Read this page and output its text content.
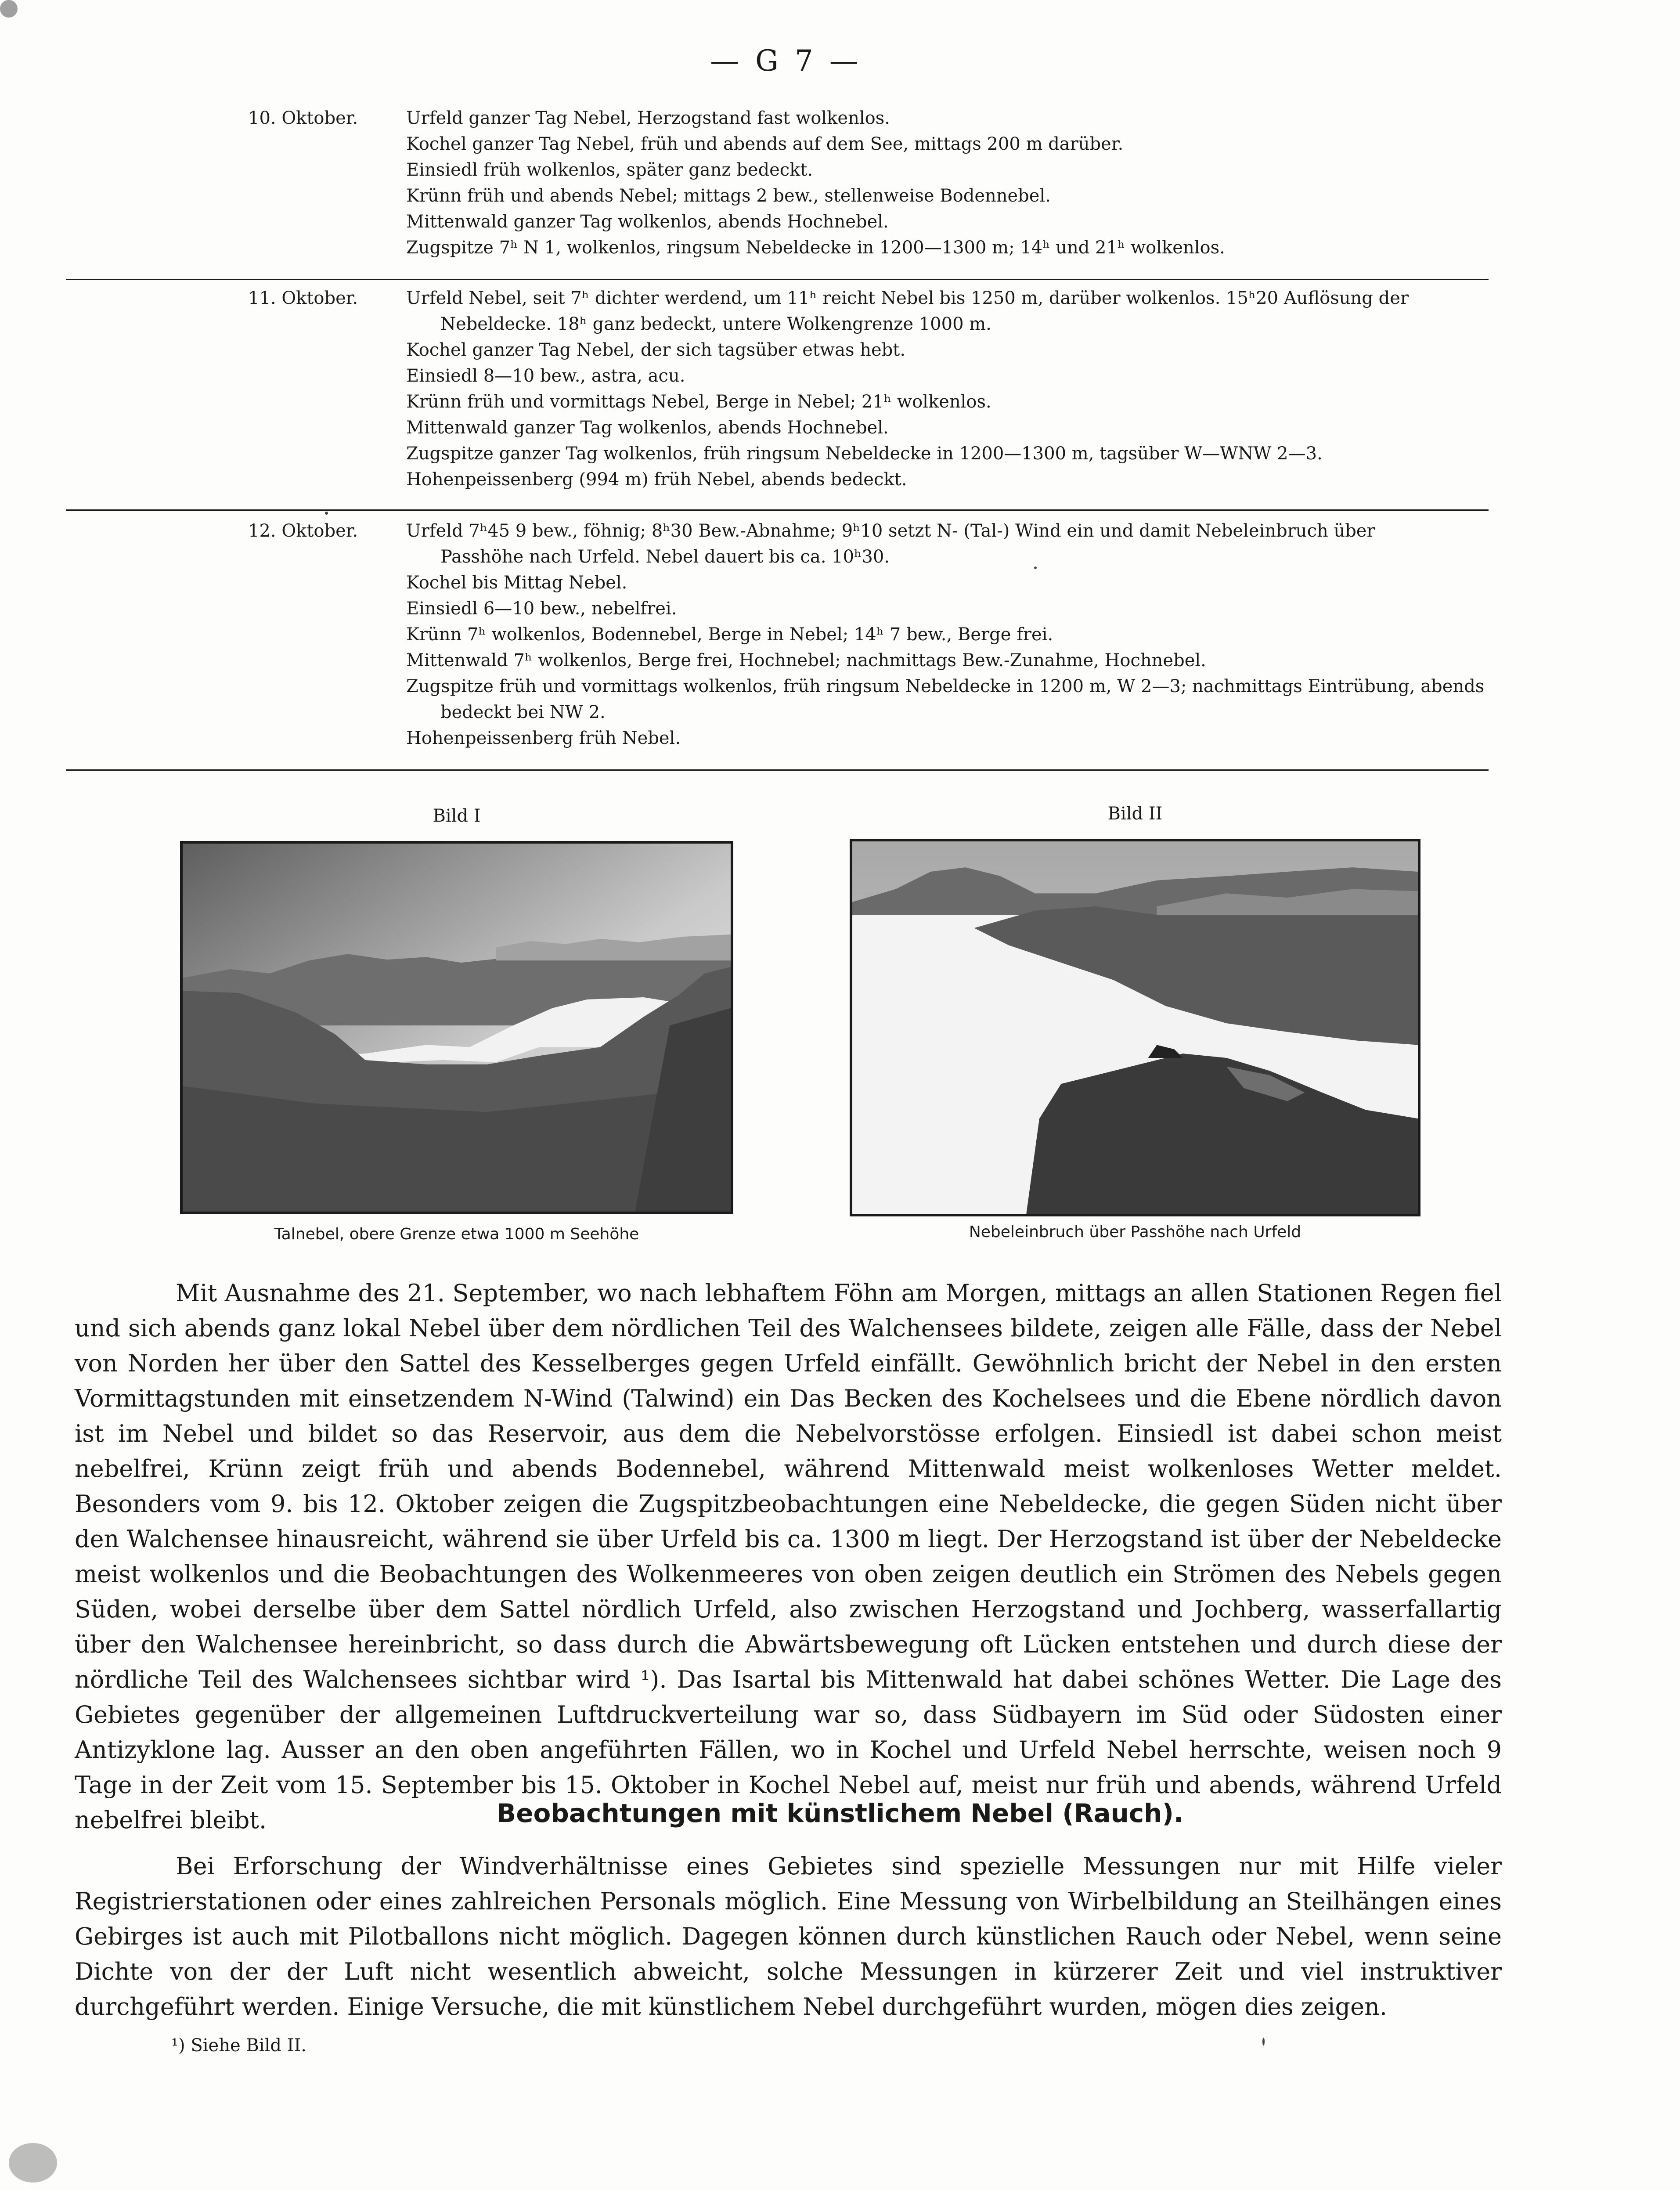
— G 7 —
10. Oktober.	Urfeld ganzer Tag Nebel, Herzogstand fast wolkenlos.
Kochel ganzer Tag Nebel, früh und abends auf dem See, mittags 200 m darüber.
Einsiedl früh wolkenlos, später ganz bedeckt.
Krünn früh und abends Nebel; mittags 2 bew., stellenweise Bodennebel.
Mittenwald ganzer Tag wolkenlos, abends Hochnebel.
Zugspitze 7ʰ N 1, wolkenlos, ringsum Nebeldecke in 1200—1300 m; 14ʰ und 21ʰ wolkenlos.
11. Oktober.	Urfeld Nebel, seit 7ʰ dichter werdend, um 11ʰ reicht Nebel bis 1250 m, darüber wolkenlos. 15ʰ20 Auflösung der
Nebeldecke. 18ʰ ganz bedeckt, untere Wolkengrenze 1000 m.
Kochel ganzer Tag Nebel, der sich tagsüber etwas hebt.
Einsiedl 8—10 bew., astra, acu.
Krünn früh und vormittags Nebel, Berge in Nebel; 21ʰ wolkenlos.
Mittenwald ganzer Tag wolkenlos, abends Hochnebel.
Zugspitze ganzer Tag wolkenlos, früh ringsum Nebeldecke in 1200—1300 m, tagsüber W—WNW 2—3.
Hohenpeissenberg (994 m) früh Nebel, abends bedeckt.
12. Oktober.	Urfeld 7ʰ45 9 bew., föhnig; 8ʰ30 Bew.-Abnahme; 9ʰ10 setzt N- (Tal-) Wind ein und damit Nebeleinbruch über
Passhöhe nach Urfeld. Nebel dauert bis ca. 10ʰ30.
Kochel bis Mittag Nebel.
Einsiedl 6—10 bew., nebelfrei.
Krünn 7ʰ wolkenlos, Bodennebel, Berge in Nebel; 14ʰ 7 bew., Berge frei.
Mittenwald 7ʰ wolkenlos, Berge frei, Hochnebel; nachmittags Bew.-Zunahme, Hochnebel.
Zugspitze früh und vormittags wolkenlos, früh ringsum Nebeldecke in 1200 m, W 2—3; nachmittags Eintrübung, abends
bedeckt bei NW 2.
Hohenpeissenberg früh Nebel.
Bild I
Talnebel, obere Grenze etwa 1000 m Seehöhe
Bild II
Nebeleinbruch über Passhöhe nach Urfeld

Mit Ausnahme des 21. September, wo nach lebhaftem Föhn am Morgen, mittags an allen Stationen Regen fiel und sich abends ganz lokal Nebel über dem nördlichen Teil des Walchensees bildete, zeigen alle Fälle, dass der Nebel von Norden her über den Sattel des Kesselberges gegen Urfeld einfällt. Gewöhnlich bricht der Nebel in den ersten Vormittagstunden mit einsetzendem N-Wind (Talwind) ein Das Becken des Kochelsees und die Ebene nördlich davon ist im Nebel und bildet so das Reservoir, aus dem die Nebelvorstösse erfolgen. Einsiedl ist dabei schon meist nebelfrei, Krünn zeigt früh und abends Bodennebel, während Mittenwald meist wolkenloses Wetter meldet. Besonders vom 9. bis 12. Oktober zeigen die Zugspitzbeobachtungen eine Nebeldecke, die gegen Süden nicht über den Walchensee hinausreicht, während sie über Urfeld bis ca. 1300 m liegt. Der Herzogstand ist über der Nebeldecke meist wolkenlos und die Beobachtungen des Wolkenmeeres von oben zeigen deutlich ein Strömen des Nebels gegen Süden, wobei derselbe über dem Sattel nördlich Urfeld, also zwischen Herzogstand und Jochberg, wasserfallartig über den Walchensee hereinbricht, so dass durch die Abwärtsbewegung oft Lücken entstehen und durch diese der nördliche Teil des Walchensees sichtbar wird ¹). Das Isartal bis Mittenwald hat dabei schönes Wetter. Die Lage des Gebietes gegenüber der allgemeinen Luftdruckverteilung war so, dass Südbayern im Süd oder Südosten einer Antizyklone lag. Ausser an den oben angeführten Fällen, wo in Kochel und Urfeld Nebel herrschte, weisen noch 9 Tage in der Zeit vom 15. September bis 15. Oktober in Kochel Nebel auf, meist nur früh und abends, während Urfeld nebelfrei bleibt.	Beobachtungen mit künstlichem Nebel (Rauch).

Bei Erforschung der Windverhältnisse eines Gebietes sind spezielle Messungen nur mit Hilfe vieler Registrierstationen oder eines zahlreichen Personals möglich. Eine Messung von Wirbelbildung an Steilhängen eines Gebirges ist auch mit Pilotballons nicht möglich. Dagegen können durch künstlichen Rauch oder Nebel, wenn seine Dichte von der der Luft nicht wesentlich abweicht, solche Messungen in kürzerer Zeit und viel instruktiver durchgeführt werden. Einige Versuche, die mit künstlichem Nebel durchgeführt wurden, mögen dies zeigen.

¹) Siehe Bild II.
